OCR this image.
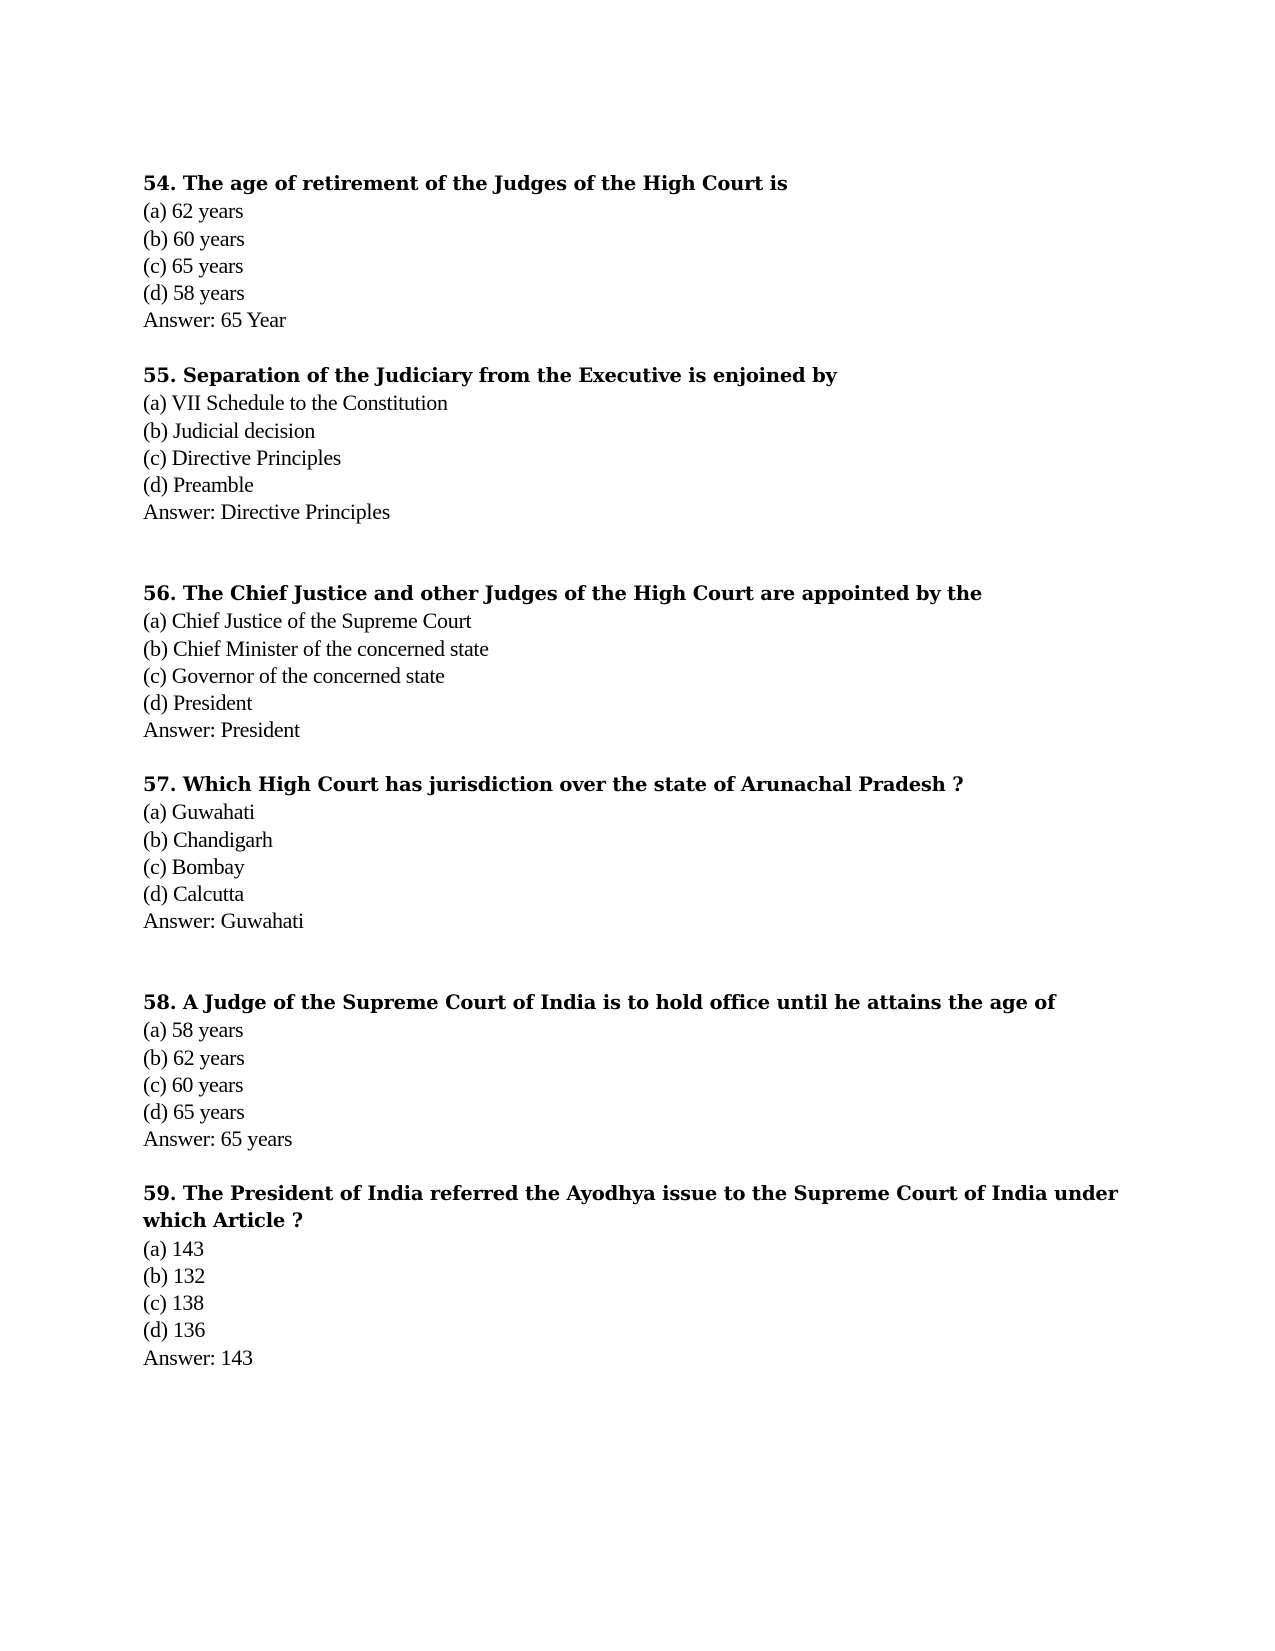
54. The age of retirement of the Judges of the High Court is
(a) 62 years
(b) 60 years
(c) 65 years
(d) 58 years
Answer: 65 Year
55. Separation of the Judiciary from the Executive is enjoined by
(a) VII Schedule to the Constitution
(b) Judicial decision
(c) Directive Principles
(d) Preamble
Answer: Directive Principles
56. The Chief Justice and other Judges of the High Court are appointed by the
(a) Chief Justice of the Supreme Court
(b) Chief Minister of the concerned state
(c) Governor of the concerned state
(d) President
Answer: President
57. Which High Court has jurisdiction over the state of Arunachal Pradesh ?
(a) Guwahati
(b) Chandigarh
(c) Bombay
(d) Calcutta
Answer: Guwahati
58. A Judge of the Supreme Court of India is to hold office until he attains the age of
(a) 58 years
(b) 62 years
(c) 60 years
(d) 65 years
Answer: 65 years
59. The President of India referred the Ayodhya issue to the Supreme Court of India under which Article ?
(a) 143
(b) 132
(c) 138
(d) 136
Answer: 143
